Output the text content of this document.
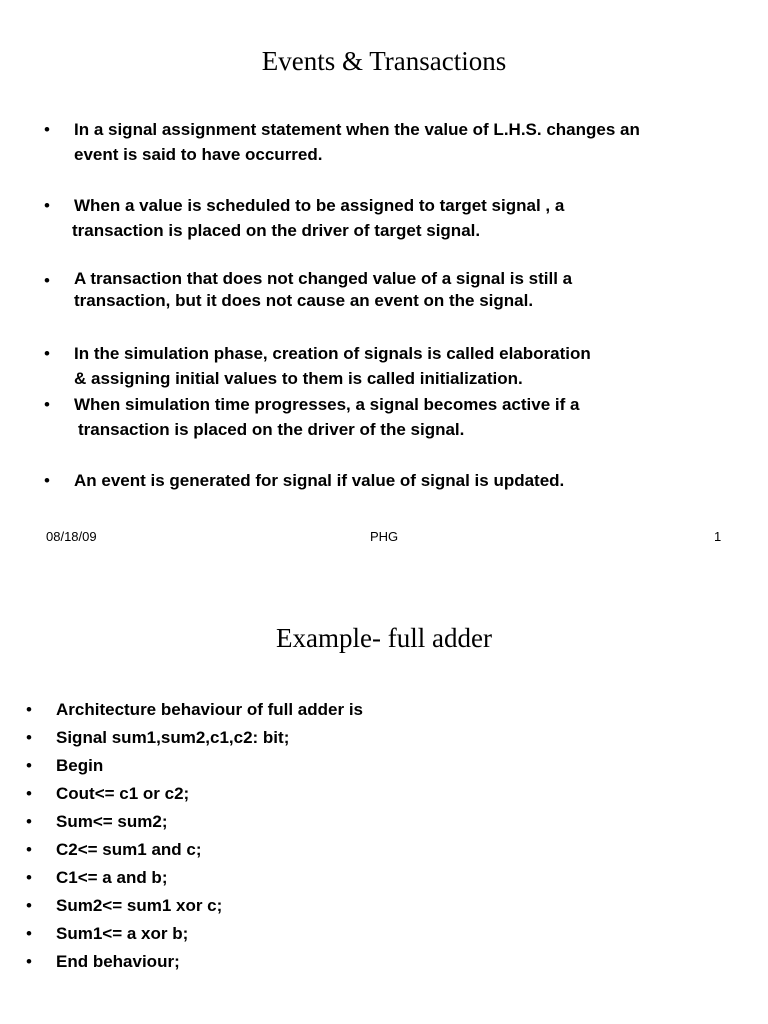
Events & Transactions
• In a signal assignment statement when the value of L.H.S. changes an
event is said to have occurred.
• When a value is scheduled to be assigned to target signal , a
transaction is placed on the driver of target signal.
• A transaction that does not changed value of a signal is still a
transaction, but it does not cause an event on the signal.
• In the simulation phase, creation of signals is called elaboration
& assigning initial values to them is called initialization.
• When simulation time progresses, a signal becomes active if a
transaction is placed on the driver of the signal.
• An event is generated for signal if value of signal is updated.
08/18/09	PHG	1
Example- full adder
• Architecture behaviour of full adder is
• Signal sum1,sum2,c1,c2: bit;
• Begin
• Cout<= c1 or c2;
• Sum<= sum2;
• C2<= sum1 and c;
• C1<= a and b;
• Sum2<= sum1 xor c;
• Sum1<= a xor b;
• End behaviour;
